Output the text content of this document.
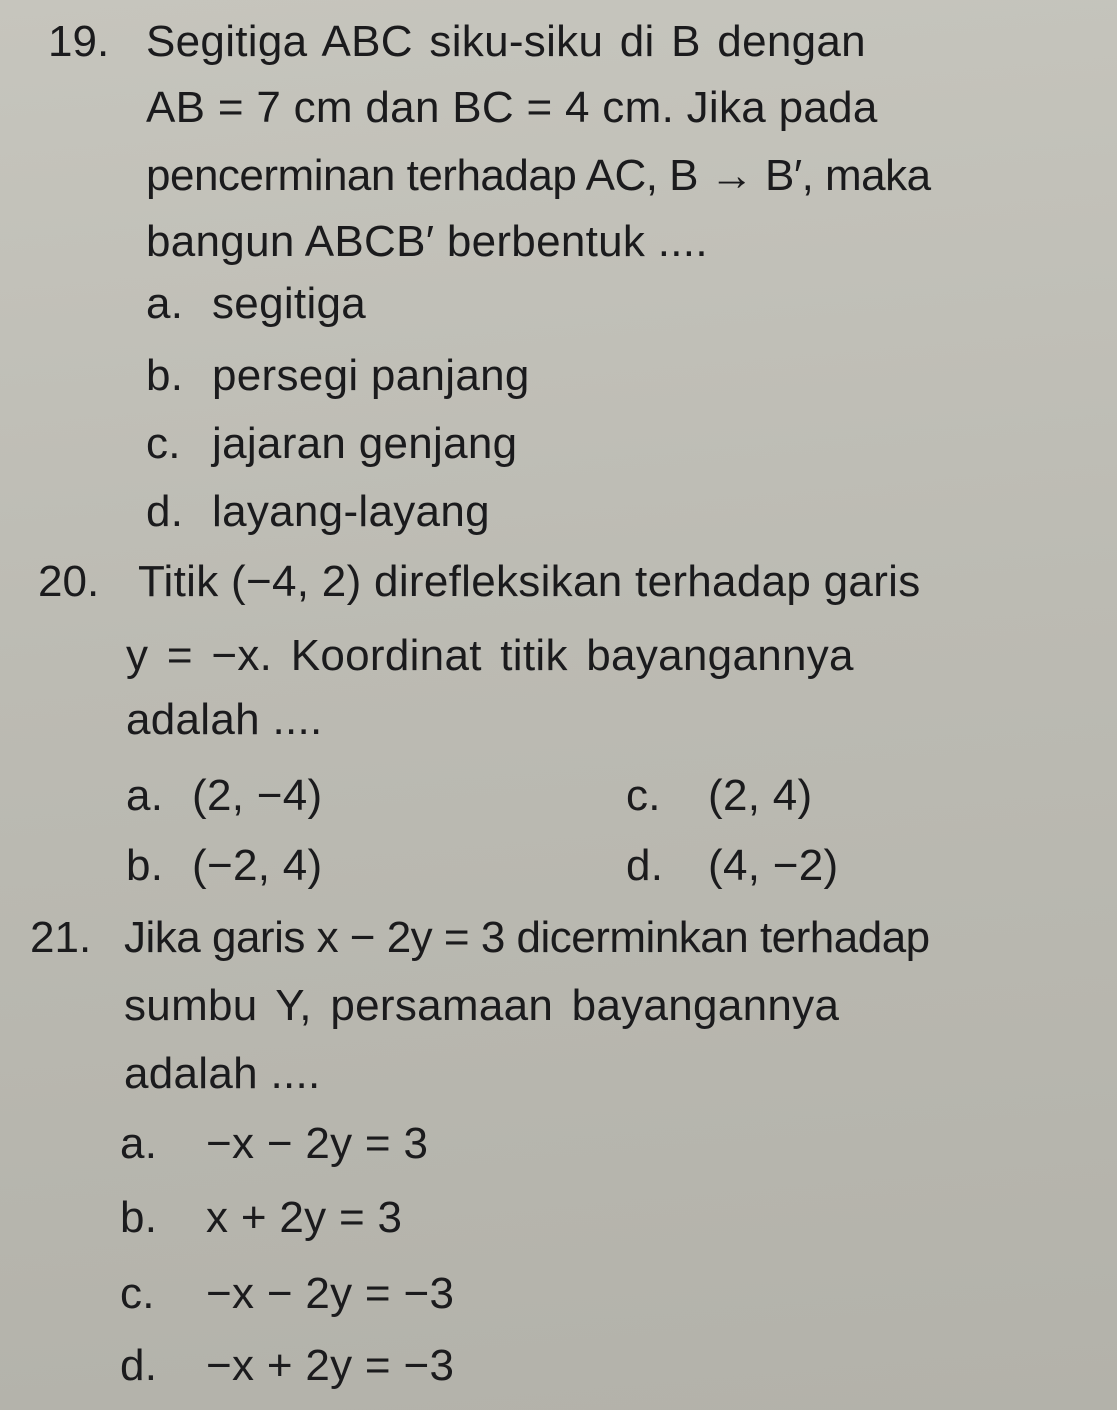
19. Segitiga ABC siku-siku di B dengan
AB = 7 cm dan BC = 4 cm. Jika pada
pencerminan terhadap AC, B → B′, maka
bangun ABCB′ berbentuk ....
a. segitiga
b. persegi panjang
c. jajaran genjang
d. layang-layang
20. Titik (−4, 2) direfleksikan terhadap garis
y = −x. Koordinat titik bayangannya
adalah ....
a. (2, −4)	c. (2, 4)
b. (−2, 4)	d. (4, −2)
21. Jika garis x − 2y = 3 dicerminkan terhadap
sumbu Y, persamaan bayangannya
adalah ....
a. −x − 2y = 3
b. x + 2y = 3
c. −x − 2y = −3
d. −x + 2y = −3
